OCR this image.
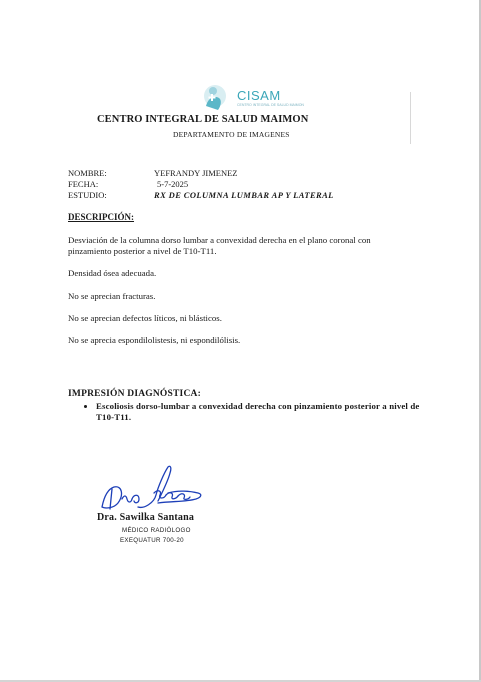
CISAM
CENTRO INTEGRAL DE SALUD MAIMON
CENTRO INTEGRAL DE SALUD MAIMON
DEPARTAMENTO DE IMAGENES
NOMBRE:	YEFRANDY JIMENEZ
FECHA:	5-7-2025
ESTUDIO:	RX DE COLUMNA LUMBAR AP Y LATERAL
DESCRIPCIÓN:
Desviación de la columna dorso lumbar a convexidad derecha en el plano coronal con pinzamiento posterior a nivel de T10-T11.
Densidad ósea adecuada.
No se aprecian fracturas.
No se aprecian defectos líticos, ni blásticos.
No se aprecia espondilolistesis, ni espondilólisis.
IMPRESIÓN DIAGNÓSTICA:
• Escoliosis dorso-lumbar a convexidad derecha con pinzamiento posterior a nivel de T10-T11.
Dra. Sawilka Santana
MÉDICO RADIÓLOGO
EXEQUATUR 700-20
